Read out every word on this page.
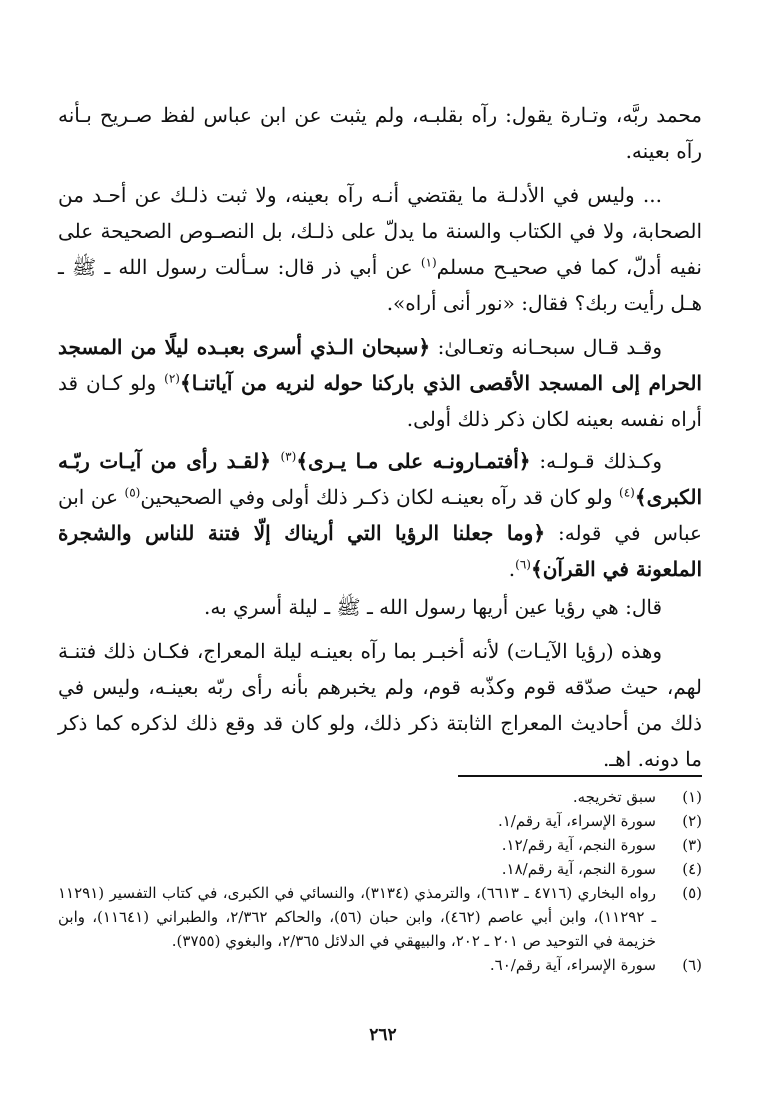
محمد ربَّه، وتـارة يقول: رآه بقلبـه، ولم يثبت عن ابن عباس لفظ صـريح بـأنه رآه بعينه.

... وليس في الأدلـة ما يقتضي أنـه رآه بعينه، ولا ثبت ذلـك عن أحـد من الصحابة، ولا في الكتاب والسنة ما يدلّ على ذلـك، بل النصـوص الصحيحة على نفيه أدلّ، كما في صحيـح مسلم$^{(١)}$ عن أبي ذر قال: سـألت رسول الله ـ ﷺ ـ هـل رأيت ربك؟ فقال: «نور أنى أراه».

وقـد قـال سبحـانه وتعـالىٰ: ﴿سبحان الـذي أسرى بعبـده ليلًا من المسجد الحرام إلى المسجد الأقصى الذي باركنا حوله لنريه من آياتنـا﴾$^{(٢)}$ ولو كـان قد أراه نفسه بعينه لكان ذكر ذلك أولى.

وكـذلك قـولـه: ﴿أفتمـارونـه على مـا يـرى﴾$^{(٣)}$ ﴿لقـد رأى من آيـات ربّـه الكبرى﴾$^{(٤)}$ ولو كان قد رآه بعينـه لكان ذكـر ذلك أولى وفي الصحيحين$^{(٥)}$ عن ابن عباس في قوله: ﴿وما جعلنا الرؤيا التي أريناك إلّا فتنة للناس والشجرة الملعونة في القرآن﴾$^{(٦)}$.

قال: هي رؤيا عين أريها رسول الله ـ ﷺ ـ ليلة أسري به.

وهذه (رؤيا الآيـات) لأنه أخبـر بما رآه بعينـه ليلة المعراج، فكـان ذلك فتنـة لهم، حيث صدّقه قوم وكذّبه قوم، ولم يخبرهم بأنه رأى ربّه بعينـه، وليس في ذلك من أحاديث المعراج الثابتة ذكر ذلك، ولو كان قد وقع ذلك لذكره كما ذكر ما دونه. اهـ.

(١)
سبق تخريجه.
(٢)
سورة الإسراء، آية رقم/١.
(٣)
سورة النجم، آية رقم/١٢.
(٤)
سورة النجم، آية رقم/١٨.
(٥)
رواه البخاري (٤٧١٦ ـ ٦٦١٣)، والترمذي (٣١٣٤)، والنسائي في الكبرى، في كتاب التفسير (١١٢٩١ ـ ١١٢٩٢)، وابن أبي عاصم (٤٦٢)، وابن حبان (٥٦)، والحاكم ٢/٣٦٢، والطبراني (١١٦٤١)، وابن خزيمة في التوحيد ص ٢٠١ ـ ٢٠٢، والبيهقي في الدلائل ٢/٣٦٥، والبغوي (٣٧٥٥).
(٦)
سورة الإسراء، آية رقم/٦٠.
٢٦٢
